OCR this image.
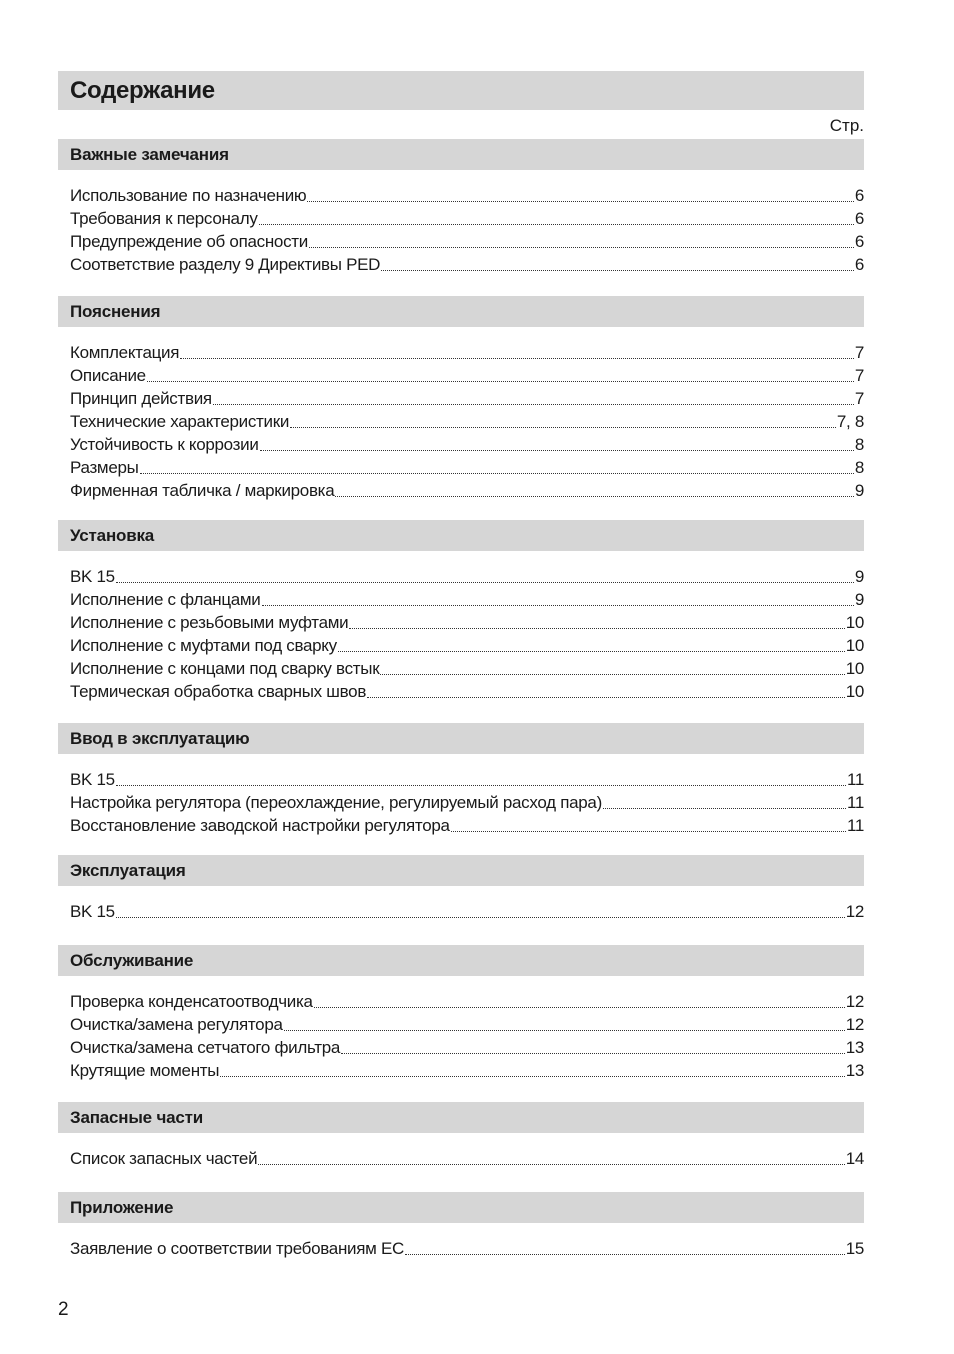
Содержание
Стр.
Важные замечания
Использование по назначению	6
Требования к персоналу	6
Предупреждение об опасности	6
Соответствие разделу 9 Директивы PED	6
Пояснения
Комплектация	7
Описание	7
Принцип действия	7
Технические характеристики	7, 8
Устойчивость к коррозии	8
Размеры	8
Фирменная табличка / маркировка	9
Установка
BK 15	9
Исполнение с фланцами	9
Исполнение с резьбовыми муфтами	10
Исполнение с муфтами под сварку	10
Исполнение с концами под сварку встык	10
Термическая обработка сварных швов	10
Ввод в эксплуатацию
BK 15	11
Настройка регулятора (переохлаждение, регулируемый расход пара)	11
Восстановление заводской настройки регулятора	11
Эксплуатация
BK 15	12
Обслуживание
Проверка конденсатоотводчика	12
Очистка/замена регулятора	12
Очистка/замена сетчатого фильтра	13
Крутящие моменты	13
Запасные части
Список запасных частей	14
Приложение
Заявление о соответствии требованиям ЕС	15
2
